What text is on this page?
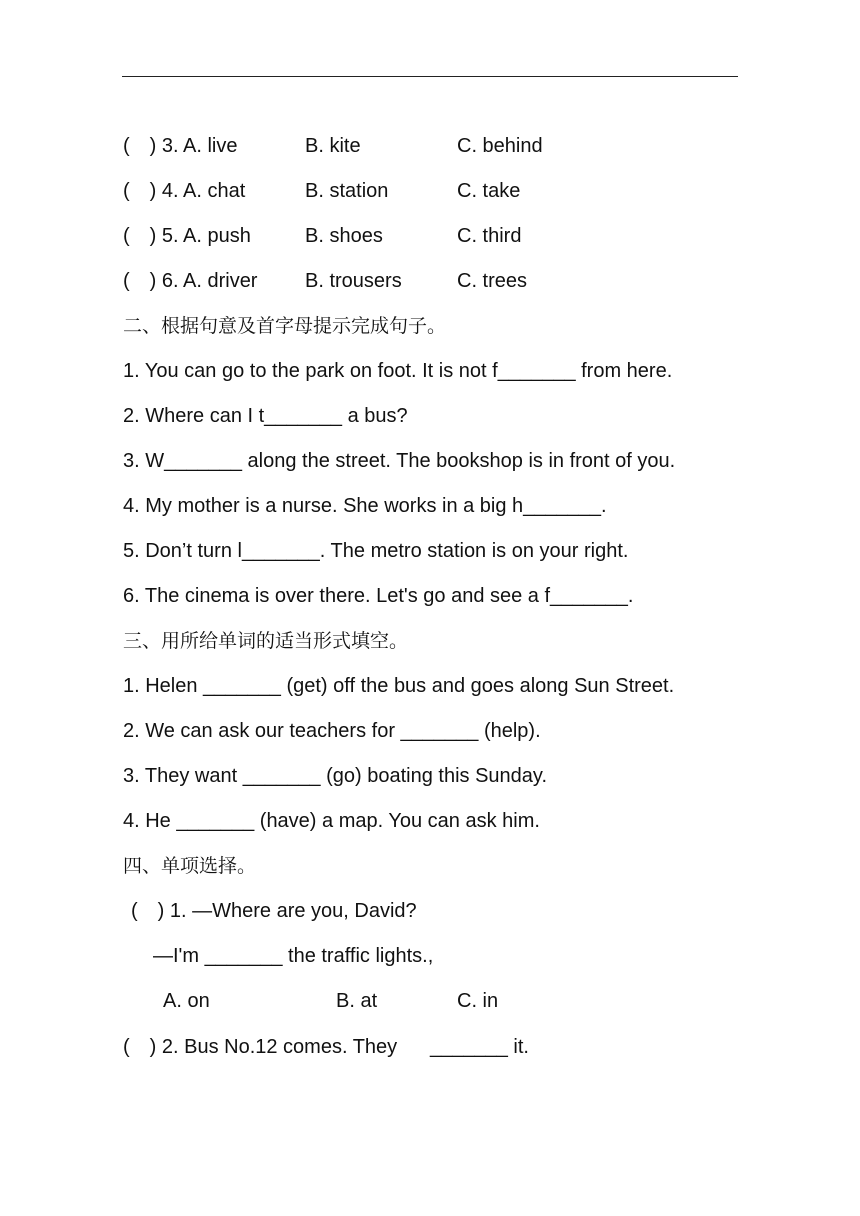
(　) 3. A. live	B. kite	C. behind
(　) 4. A. chat	B. station	C. take
(　) 5. A. push	B. shoes	C. third
(　) 6. A. driver B. trousers	C. trees
二、根据句意及首字母提示完成句子。
1. You can go to the park on foot. It is not f_______ from here.
2. Where can I t_______ a bus?
3. W_______ along the street. The bookshop is in front of you.
4. My mother is a nurse. She works in a big h_______.
5. Don’t turn l_______. The metro station is on your right.
6. The cinema is over there. Let's go and see a f_______.
三、用所给单词的适当形式填空。
1. Helen _______ (get) off the bus and goes along Sun Street.
2. We can ask our teachers for _______ (help).
3. They want _______ (go) boating this Sunday.
4. He _______ (have) a map. You can ask him.
四、单项选择。
(　) 1. —Where are you, David?
—I'm _______ the traffic lights.,
A. on	B. at	C. in
(　) 2. Bus No.12 comes. They _______ it.
